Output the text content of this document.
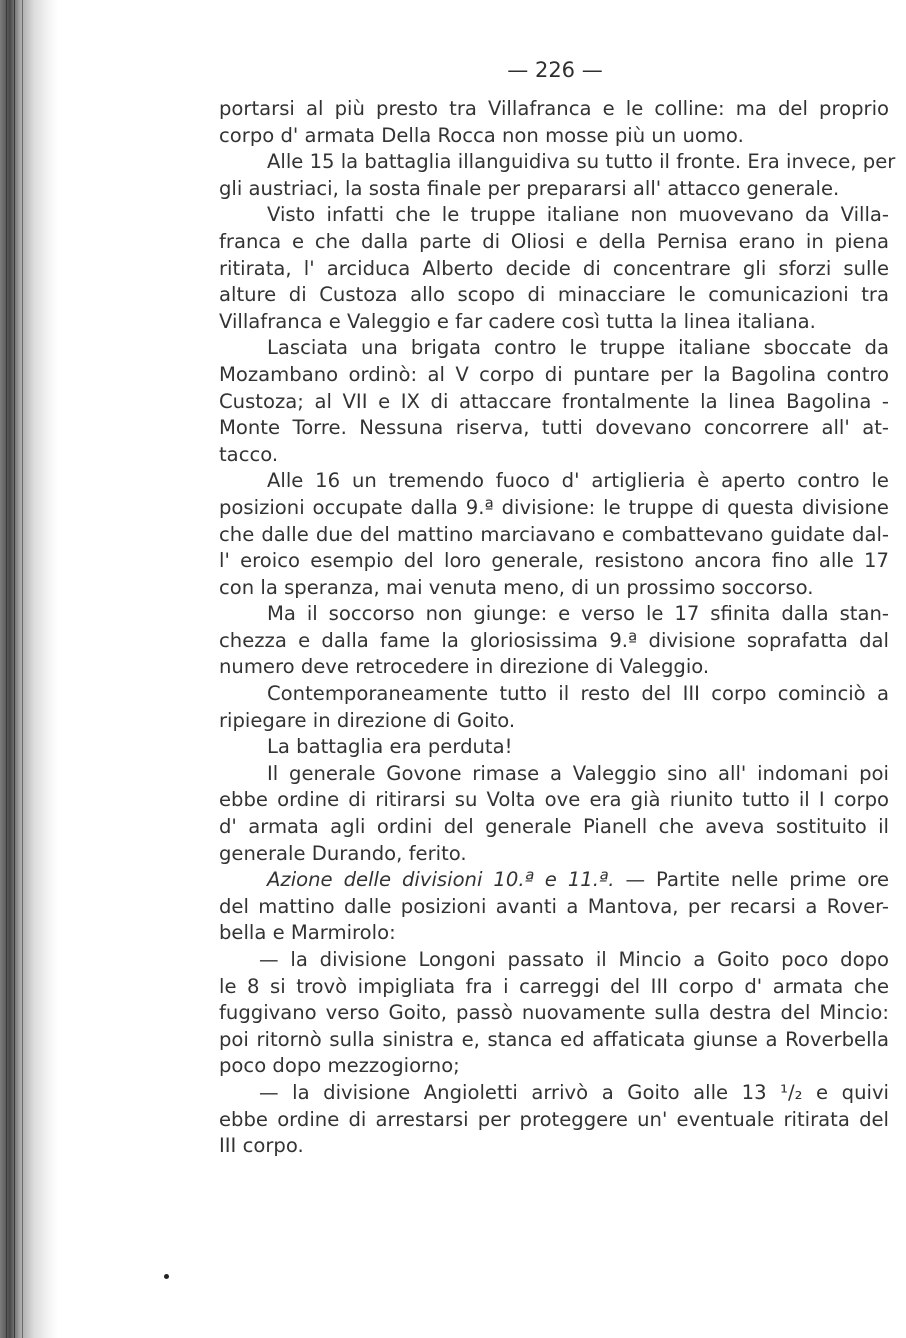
— 226 —
portarsi al più presto tra Villafranca e le colline: ma del proprio
corpo d' armata Della Rocca non mosse più un uomo.
Alle 15 la battaglia illanguidiva su tutto il fronte. Era invece, per
gli austriaci, la sosta finale per prepararsi all' attacco generale.
Visto infatti che le truppe italiane non muovevano da Villa-
franca e che dalla parte di Oliosi e della Pernisa erano in piena
ritirata, l' arciduca Alberto decide di concentrare gli sforzi sulle
alture di Custoza allo scopo di minacciare le comunicazioni tra
Villafranca e Valeggio e far cadere così tutta la linea italiana.
Lasciata una brigata contro le truppe italiane sboccate da
Mozambano ordinò: al V corpo di puntare per la Bagolina contro
Custoza; al VII e IX di attaccare frontalmente la linea Bagolina -
Monte Torre. Nessuna riserva, tutti dovevano concorrere all' at-
tacco.
Alle 16 un tremendo fuoco d' artiglieria è aperto contro le
posizioni occupate dalla 9.ª divisione: le truppe di questa divisione
che dalle due del mattino marciavano e combattevano guidate dal-
l' eroico esempio del loro generale, resistono ancora fino alle 17
con la speranza, mai venuta meno, di un prossimo soccorso.
Ma il soccorso non giunge: e verso le 17 sfinita dalla stan-
chezza e dalla fame la gloriosissima 9.ª divisione soprafatta dal
numero deve retrocedere in direzione di Valeggio.
Contemporaneamente tutto il resto del III corpo cominciò a
ripiegare in direzione di Goito.
La battaglia era perduta!
Il generale Govone rimase a Valeggio sino all' indomani poi
ebbe ordine di ritirarsi su Volta ove era già riunito tutto il I corpo
d' armata agli ordini del generale Pianell che aveva sostituito il
generale Durando, ferito.
Azione delle divisioni 10.ª e 11.ª. — Partite nelle prime ore
del mattino dalle posizioni avanti a Mantova, per recarsi a Rover-
bella e Marmirolo:
— la divisione Longoni passato il Mincio a Goito poco dopo
le 8 si trovò impigliata fra i carreggi del III corpo d' armata che
fuggivano verso Goito, passò nuovamente sulla destra del Mincio:
poi ritornò sulla sinistra e, stanca ed affaticata giunse a Roverbella
poco dopo mezzogiorno;
— la divisione Angioletti arrivò a Goito alle 13 ¹/₂ e quivi
ebbe ordine di arrestarsi per proteggere un' eventuale ritirata del
III corpo.
